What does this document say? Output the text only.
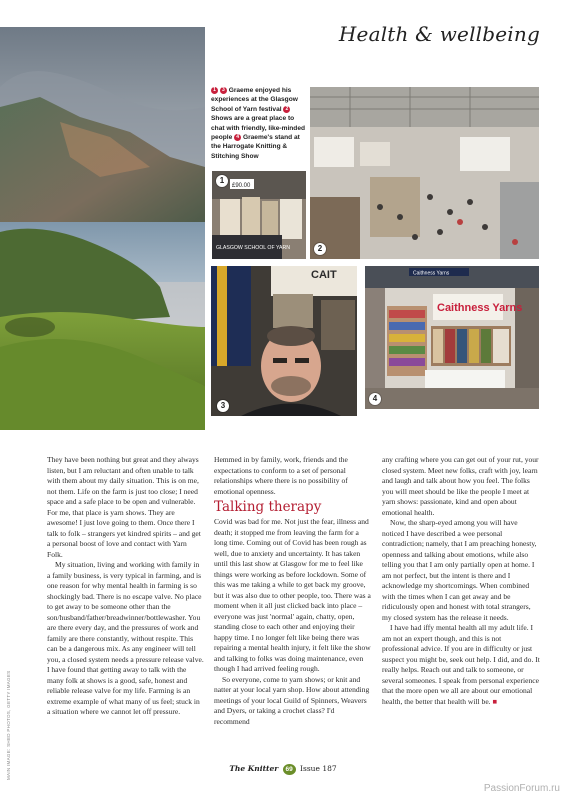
Health & wellbeing
MAIN IMAGE: SHED PHOTOS, GETTY IMAGES
1 3 Graeme enjoyed his experiences at the Glasgow School of Yarn festival 2 Shows are a great place to chat with friendly, like-minded people 4 Graeme's stand at the Harrogate Knitting & Stitching Show
£90.00
GLASGOW SCHOOL OF YARN
1
2
CAIT
3
Caithness Yarns
Caithness Yarns
4

They have been nothing but great and they always listen, but I am reluctant and often unable to talk with them about my daily situation. This is on me, not them. Life on the farm is just too close; I need space and a safe place to be open and vulnerable. For me, that place is yarn shows. They are awesome! I just love going to them. Once there I talk to folk – strangers yet kindred spirits – and get a personal boost of love and contact with Yarn Folk.

My situation, living and working with family in a family business, is very typical in farming, and is one reason for why mental health in farming is so shockingly bad. There is no escape valve. No place to get away to be someone other than the son/husband/father/breadwinner/bottlewasher. You are there every day, and the pressures of work and family are there constantly, without respite. This can be a dangerous mix. As any engineer will tell you, a closed system needs a pressure release valve. I have found that getting away to talk with the many folk at shows is a good, safe, honest and reliable release valve for my life. Farming is an extreme example of what many of us feel; stuck in a situation where we cannot let off pressure.

Hemmed in by family, work, friends and the expectations to conform to a set of personal relationships where there is no possibility of emotional openness.

Talking therapy

Covid was bad for me. Not just the fear, illness and death; it stopped me from leaving the farm for a long time. Coming out of Covid has been rough as well, due to anxiety and uncertainty. It has taken until this last show at Glasgow for me to feel like things were working as before lockdown. Some of this was me taking a while to get back my groove, but it was also due to other people, too. There was a moment when it all just clicked back into place – everyone was just 'normal' again, chatty, open, standing close to each other and enjoying their happy time. I no longer felt like being there was repairing a mental health injury, it felt like the show and talking to folks was doing maintenance, even though I had arrived feeling rough.

So everyone, come to yarn shows; or knit and natter at your local yarn shop. How about attending meetings of your local Guild of Spinners, Weavers and Dyers, or taking a crochet class? I'd recommend

any crafting where you can get out of your rut, your closed system. Meet new folks, craft with joy, learn and laugh and talk about how you feel. The folks you will meet should be like the people I meet at yarn shows: passionate, kind and open about emotional health.

Now, the sharp-eyed among you will have noticed I have described a wee personal contradiction; namely, that I am preaching honesty, openness and talking about emotions, while also telling you that I am only partially open at home. I am not perfect, but the intent is there and I acknowledge my shortcomings. When combined with the times when I can get away and be ridiculously open and honest with total strangers, my closed system has the release it needs.

I have had iffy mental health all my adult life. I am not an expert though, and this is not professional advice. If you are in difficulty or just suspect you might be, seek out help. I did, and do. It really helps. Reach out and talk to someone, or several someones. I speak from personal experience that the more open we all are about our emotional health, the better that health will be. ■

The Knitter 69 Issue 187
PassionForum.ru
